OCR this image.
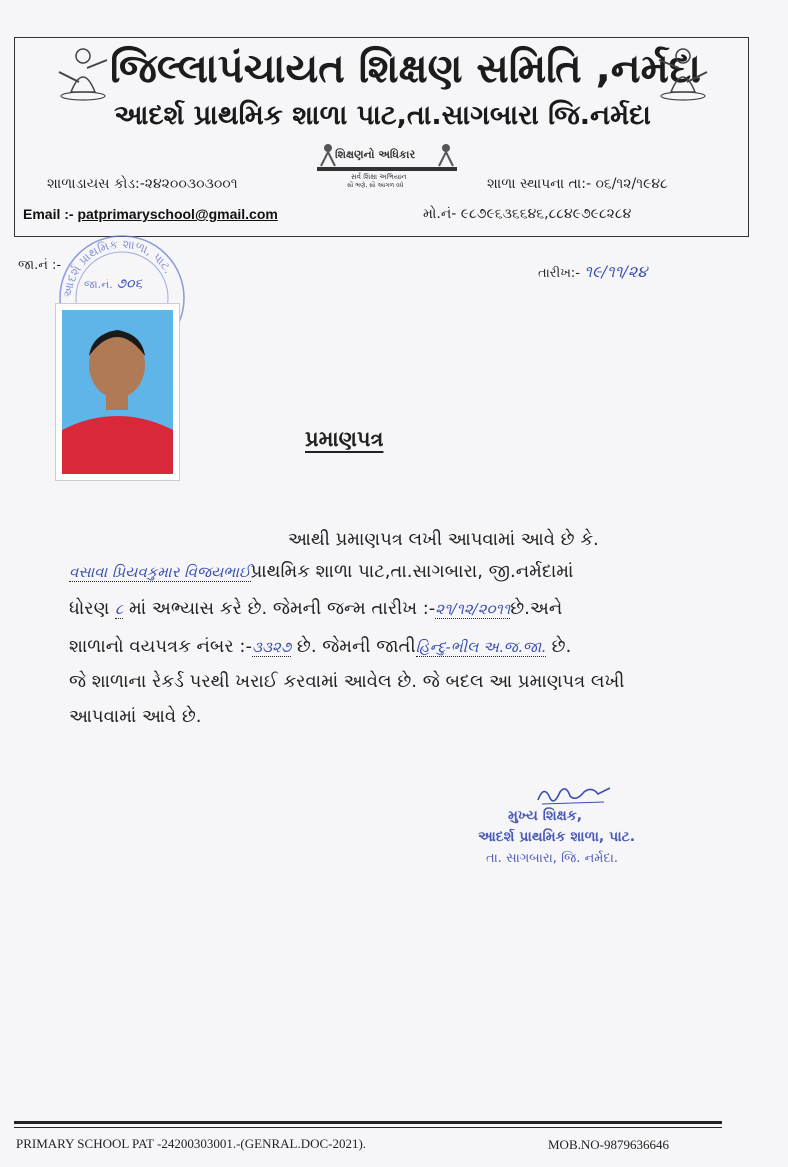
જિલ્લાપંચાયત શિક્ષણ સમિતિ ,નર્મદા
આદર્શ પ્રાથમિક શાળા પાટ,તા.સાગબારા જિ.નર્મદા
શિક્ષણનો અધિકાર
સર્વ શિક્ષા અભિયાન
સૌ ભણે, સૌ આગળ વધે
શાળાડાયસ કોડ:-૨૪૨૦૦૩૦૩૦૦૧	શાળા સ્થાપના તા:- ૦૬/૧૨/૧૯૪૮
Email :- patprimaryschool@gmail.com	મો.નં- ૯૮૭૯૬૩૬૬૪૬,૮૮૪૯૭૯૮૨૮૪
જા.નં :-
તારીખ:- ૧૯/૧૧/૨૪
આદર્શ પ્રાથમિક શાળા, પાટ.
જા.નં. ૭૦૬
પ્રમાણપત્ર
આથી પ્રમાણપત્ર લખી આપવામાં આવે છે કે.
વસાવા પ્રિયવકુમાર વિજયભાઈપ્રાથમિક શાળા પાટ,તા.સાગબારા, જી.નર્મદામાં
ધોરણ ૮ માં અભ્યાસ કરે છે. જેમની જન્મ તારીખ :-૨૧/૧૨/૨૦૧૧છે.અને
શાળાનો વયપત્રક નંબર :-૩૩૨૭ છે. જેમની જાતીહિન્દુ-ભીલ અ.જ.જા. છે.
જે શાળાના રેકર્ડ પરથી ખરાઈ કરવામાં આવેલ છે. જે બદલ આ પ્રમાણપત્ર લખી
આપવામાં આવે છે.
મુખ્ય શિક્ષક,
આદર્શ પ્રાથમિક શાળા, પાટ.
તા. સાગબારા, જિ. નર્મદા.
PRIMARY SCHOOL PAT -24200303001.-(GENRAL.DOC-2021).	MOB.NO-9879636646
